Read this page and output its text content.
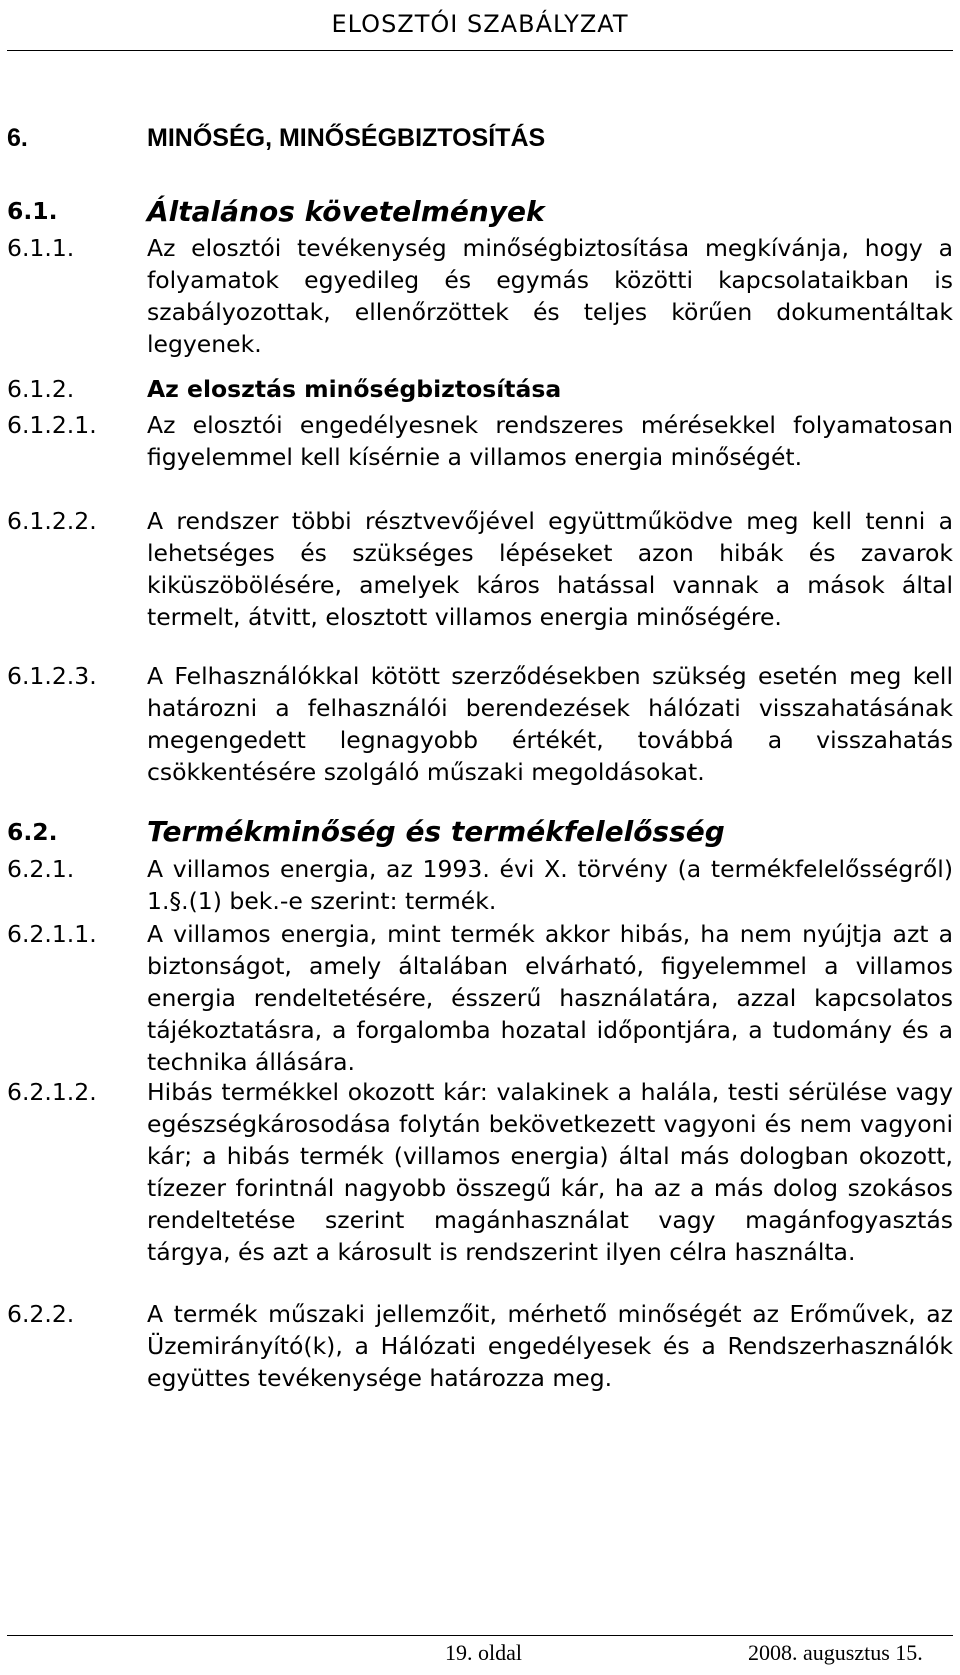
ELOSZTÓI SZABÁLYZAT
6.	MINŐSÉG, MINŐSÉGBIZTOSÍTÁS
6.1.	Általános követelmények
6.1.1.	Az elosztói tevékenység minőségbiztosítása megkívánja, hogy a folyamatok egyedileg és egymás közötti kapcsolataikban is szabályozottak, ellenőrzöttek és teljes körűen dokumentáltak legyenek.
6.1.2.	Az elosztás minőségbiztosítása
6.1.2.1. Az elosztói engedélyesnek rendszeres mérésekkel folyamatosan figyelemmel kell kísérnie a villamos energia minőségét.
6.1.2.2. A rendszer többi résztvevőjével együttműködve meg kell tenni a lehetséges és szükséges lépéseket azon hibák és zavarok kiküszöbölésére, amelyek káros hatással vannak a mások által termelt, átvitt, elosztott villamos energia minőségére.
6.1.2.3. A Felhasználókkal kötött szerződésekben szükség esetén meg kell határozni a felhasználói berendezések hálózati visszahatásának megengedett legnagyobb értékét, továbbá a visszahatás csökkentésére szolgáló műszaki megoldásokat.
6.2.	Termékminőség és termékfelelősség
6.2.1.	A villamos energia, az 1993. évi X. törvény (a termékfelelősségről) 1.§.(1) bek.-e szerint: termék.
6.2.1.1. A villamos energia, mint termék akkor hibás, ha nem nyújtja azt a biztonságot, amely általában elvárható, figyelemmel a villamos energia rendeltetésére, ésszerű használatára, azzal kapcsolatos tájékoztatásra, a forgalomba hozatal időpontjára, a tudomány és a technika állására.
6.2.1.2. Hibás termékkel okozott kár: valakinek a halála, testi sérülése vagy egészségkárosodása folytán bekövetkezett vagyoni és nem vagyoni kár; a hibás termék (villamos energia) által más dologban okozott, tízezer forintnál nagyobb összegű kár, ha az a más dolog szokásos rendeltetése szerint magánhasználat vagy magánfogyasztás tárgya, és azt a károsult is rendszerint ilyen célra használta.
6.2.2.	A termék műszaki jellemzőit, mérhető minőségét az Erőművek, az Üzemirányító(k), a Hálózati engedélyesek és a Rendszerhasználók együttes tevékenysége határozza meg.
19. oldal	2008. augusztus 15.
